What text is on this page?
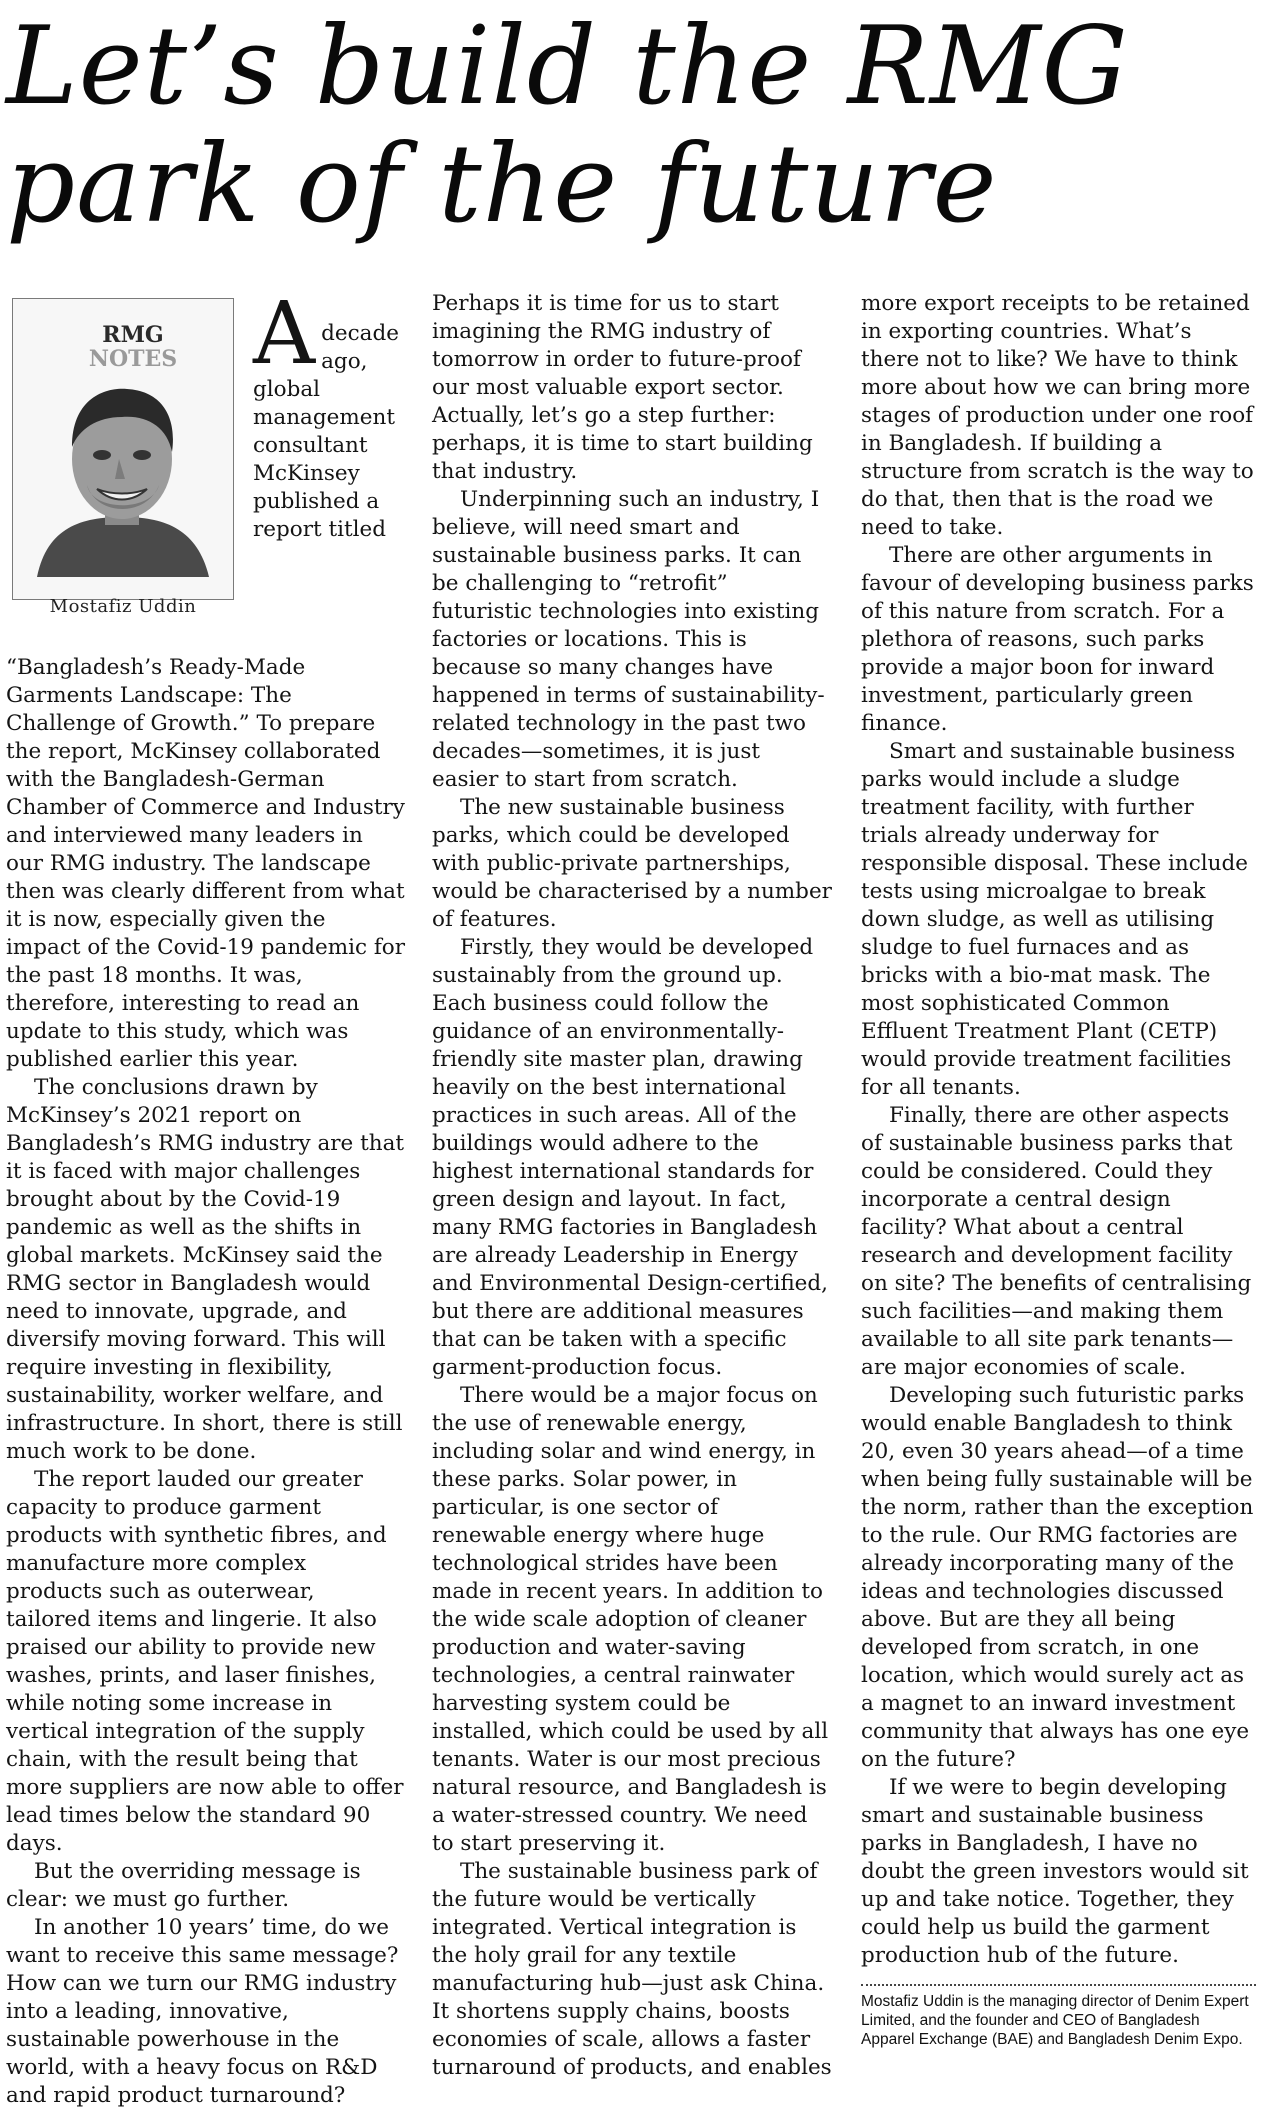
Let’s build the RMG park of the future
RMG
NOTES
Mostafiz Uddin

Adecade ago, global management consultant McKinsey published a report titled “Bangladesh’s Ready-Made Garments Landscape: The Challenge of Growth.” To prepare the report, McKinsey collaborated with the Bangladesh-German Chamber of Commerce and Industry and interviewed many leaders in our RMG industry. The landscape then was clearly different from what it is now, especially given the impact of the Covid-19 pandemic for the past 18 months. It was, therefore, interesting to read an update to this study, which was published earlier this year.

The conclusions drawn by McKinsey’s 2021 report on Bangladesh’s RMG industry are that it is faced with major challenges brought about by the Covid-19 pandemic as well as the shifts in global markets. McKinsey said the RMG sector in Bangladesh would need to innovate, upgrade, and diversify moving forward. This will require investing in flexibility, sustainability, worker welfare, and infrastructure. In short, there is still much work to be done.

The report lauded our greater capacity to produce garment products with synthetic fibres, and manufacture more complex products such as outerwear, tailored items and lingerie. It also praised our ability to provide new washes, prints, and laser finishes, while noting some increase in vertical integration of the supply chain, with the result being that more suppliers are now able to offer lead times below the standard 90 days.

But the overriding message is clear: we must go further.

In another 10 years’ time, do we want to receive this same message? How can we turn our RMG industry into a leading, innovative, sustainable powerhouse in the world, with a heavy focus on R&D and rapid product turnaround?

Perhaps it is time for us to start imagining the RMG industry of tomorrow in order to future-proof our most valuable export sector. Actually, let’s go a step further: perhaps, it is time to start building that industry.

Underpinning such an industry, I believe, will need smart and sustainable business parks. It can be challenging to “retrofit” futuristic technologies into existing factories or locations. This is because so many changes have happened in terms of sustainability-related technology in the past two decades—sometimes, it is just easier to start from scratch.

The new sustainable business parks, which could be developed with public-private partnerships, would be characterised by a number of features.

Firstly, they would be developed sustainably from the ground up. Each business could follow the guidance of an environmentally-friendly site master plan, drawing heavily on the best international practices in such areas. All of the buildings would adhere to the highest international standards for green design and layout. In fact, many RMG factories in Bangladesh are already Leadership in Energy and Environmental Design-certified, but there are additional measures that can be taken with a specific garment-production focus.

There would be a major focus on the use of renewable energy, including solar and wind energy, in these parks. Solar power, in particular, is one sector of renewable energy where huge technological strides have been made in recent years. In addition to the wide scale adoption of cleaner production and water-saving technologies, a central rainwater harvesting system could be installed, which could be used by all tenants. Water is our most precious natural resource, and Bangladesh is a water-stressed country. We need to start preserving it.

The sustainable business park of the future would be vertically integrated. Vertical integration is the holy grail for any textile manufacturing hub—just ask China. It shortens supply chains, boosts economies of scale, allows a faster turnaround of products, and enables

more export receipts to be retained in exporting countries. What’s there not to like? We have to think more about how we can bring more stages of production under one roof in Bangladesh. If building a structure from scratch is the way to do that, then that is the road we need to take.

There are other arguments in favour of developing business parks of this nature from scratch. For a plethora of reasons, such parks provide a major boon for inward investment, particularly green finance.

Smart and sustainable business parks would include a sludge treatment facility, with further trials already underway for responsible disposal. These include tests using microalgae to break down sludge, as well as utilising sludge to fuel furnaces and as bricks with a bio-mat mask. The most sophisticated Common Effluent Treatment Plant (CETP) would provide treatment facilities for all tenants.

Finally, there are other aspects of sustainable business parks that could be considered. Could they incorporate a central design facility? What about a central research and development facility on site? The benefits of centralising such facilities—and making them available to all site park tenants—are major economies of scale.

Developing such futuristic parks would enable Bangladesh to think 20, even 30 years ahead—of a time when being fully sustainable will be the norm, rather than the exception to the rule. Our RMG factories are already incorporating many of the ideas and technologies discussed above. But are they all being developed from scratch, in one location, which would surely act as a magnet to an inward investment community that always has one eye on the future?

If we were to begin developing smart and sustainable business parks in Bangladesh, I have no doubt the green investors would sit up and take notice. Together, they could help us build the garment production hub of the future.

Mostafiz Uddin is the managing director of Denim Expert Limited, and the founder and CEO of Bangladesh Apparel Exchange (BAE) and Bangladesh Denim Expo.
